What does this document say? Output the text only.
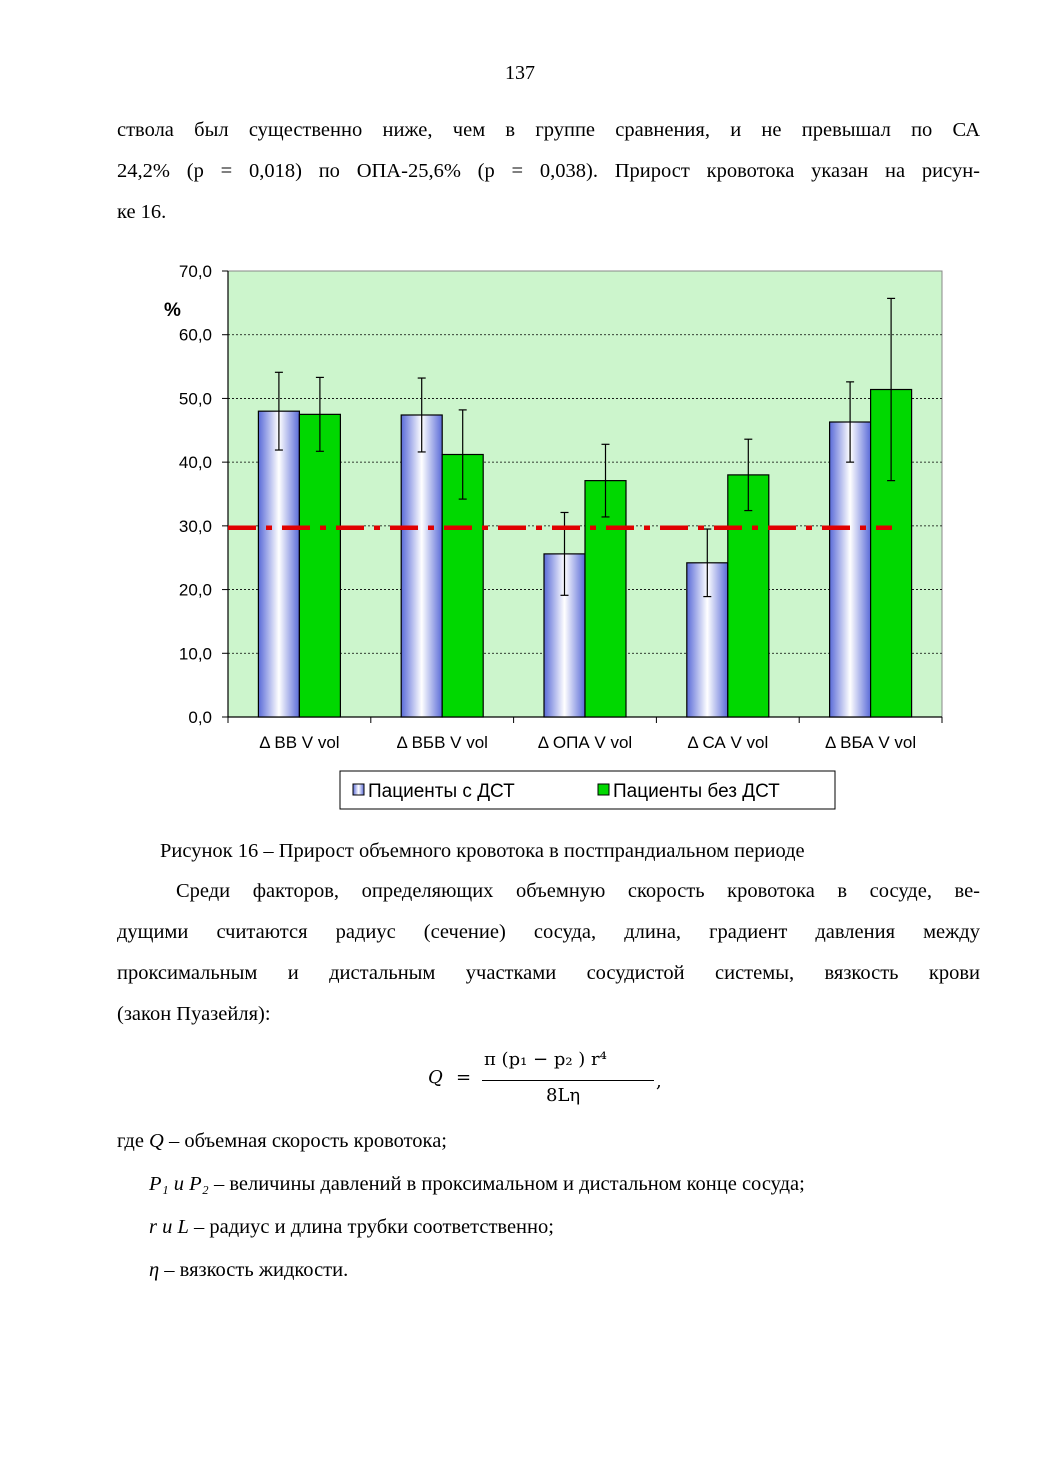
137
ствола был существенно ниже, чем в группе сравнения, и не превышал по СА
24,2% (p = 0,018) по ОПА-25,6% (p = 0,038). Прирост кровотока указан на рисун-
ке 16.
0,0
10,0
20,0
30,0
40,0
50,0
60,0
70,0
%
Δ ВВ V vol	Δ ВБВ V vol	Δ ОПА V vol	Δ СА V vol	Δ ВБА V vol
Пациенты с ДСТ	Пациенты без ДСТ
Рисунок 16 – Прирост объемного кровотока в постпрандиальном периоде
Среди факторов, определяющих объемную скорость кровотока в сосуде, ве-
дущими считаются радиус (сечение) сосуда, длина, градиент давления между
проксимальным и дистальным участками сосудистой системы, вязкость крови
(закон Пуазейля):
Q =
π (p₁ − p₂ ) r⁴
8Lη
,
где Q – объемная скорость кровотока;
P₁ и P₂ – величины давлений в проксимальном и дистальном конце сосуда;
r и L – радиус и длина трубки соответственно;
η – вязкость жидкости.
